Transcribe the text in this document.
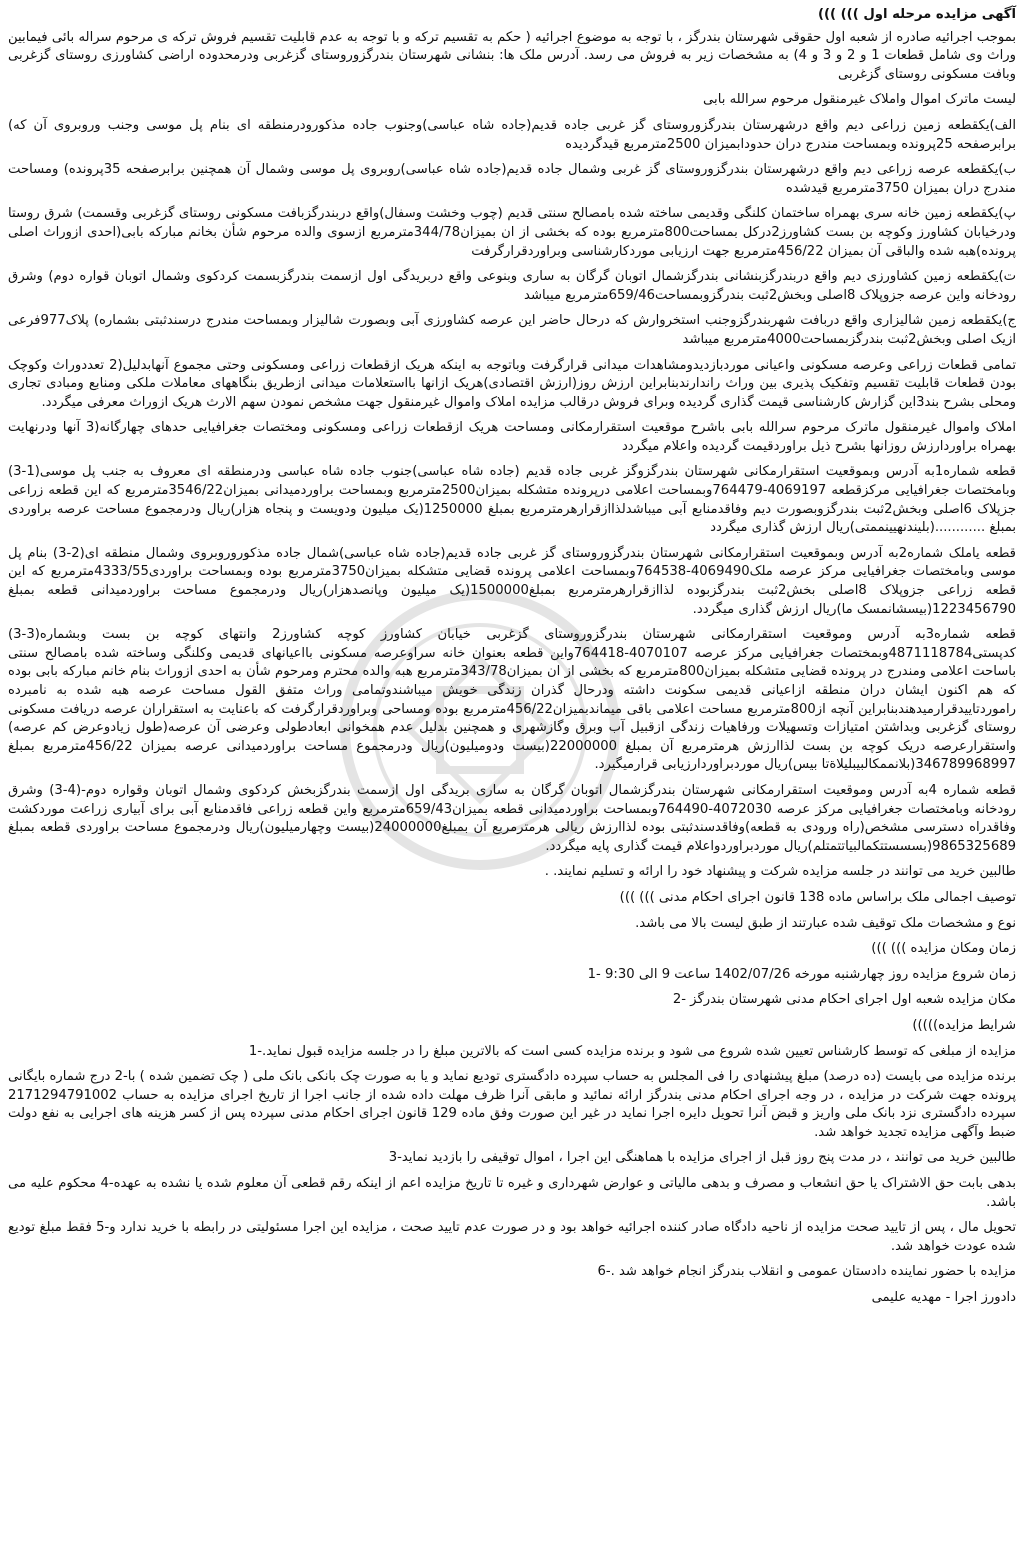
آگهی مزایده مرحله اول ))) )))

بموجب اجرائیه صادره از شعبه اول حقوقی شهرستان بندرگز ، با توجه به موضوع اجرائیه ( حکم به تقسیم ترکه و با توجه به عدم قابلیت تقسیم فروش ترکه ی مرحوم سراله بائی فیمابین وراث وی شامل قطعات 1 و 2 و 3 و 4) به مشخصات زیر به فروش می رسد. آدرس ملک ها: بنشانی شهرستان بندرگزوروستای گزغربی ودرمحدوده اراضی کشاورزی روستای گزغربی وبافت مسکونی روستای گزغربی

لیست ماترک اموال واملاک غیرمنقول مرحوم سرالله بابی

الف)یکقطعه زمین زراعی دیم واقع درشهرستان بندرگزوروستای گز غربی جاده قدیم(جاده شاه عباسی)وجنوب جاده مذکورودرمنطقه ای بنام پل موسی وجنب وروبروی آن که) برابرصفحه 25پرونده وبمساحت مندرج دران حدودابمیزان 2500مترمربع قیدگردیده

ب)یکقطعه عرصه زراعی دیم واقع درشهرستان بندرگزوروستای گز غربی وشمال جاده قدیم(جاده شاه عباسی)روبروی پل موسی وشمال آن همچنین برابرصفحه 35پرونده) ومساحت مندرج دران بمیزان 3750مترمربع قیدشده

پ)یکقطعه زمین خانه سری بهمراه ساختمان کلنگی وقدیمی ساخته شده بامصالح سنتی قدیم (چوب وخشت وسفال)واقع دربندرگزبافت مسکونی روستای گزغربی وقسمت) شرق روستا ودرخیابان کشاورز وکوچه بن بست کشاورز2درکل بمساحت800مترمربع بوده که بخشی از ان بمیزان344/78مترمربع ازسوی والده مرحوم شأن بخانم مبارکه بابی(احدی ازوراث اصلی پرونده)هبه شده والباقی آن بمیزان 456/22مترمربع جهت ارزیابی موردکارشناسی وبراوردقرارگرفت

ت)یکقطعه زمین کشاورزی دیم واقع دربندرگزبنشانی بندرگزشمال اتوبان گرگان به ساری وبنوعی واقع دربریدگی اول ازسمت بندرگزبسمت کردکوی وشمال اتوبان قواره دوم) وشرق رودخانه واین عرصه جزوپلاک 8اصلی وبخش2ثبت بندرگزوبمساحت659/46مترمربع میباشد

ج)یکقطعه زمین شالیزاری واقع دربافت شهربندرگزوجنب استخروارش که درحال حاضر این عرصه کشاورزی آبی وبصورت شالیزار وبمساحت مندرج درسندثبتی بشماره) پلاک977فرعی ازیک اصلی وبخش2ثبت بندرگزبمساحت4000مترمربع میباشد

تمامی قطعات زراعی وعرصه مسکونی واعیانی موردبازدیدومشاهدات میدانی قرارگرفت وباتوجه به اینکه هریک ازقطعات زراعی ومسکونی وحتی مجموع آنهابدلیل(2 تعددوراث وکوچک بودن قطعات قابلیت تقسیم وتفکیک پذیری بین وراث راندارندبنابراین ارزش روز(ارزش اقتصادی)هریک ازانها بااستعلامات میدانی ازطریق بنگاههای معاملات ملکی ومنابع ومبادی تجاری ومحلی بشرح بند3این گزارش کارشناسی قیمت گذاری گردیده وبرای فروش درقالب مزایده املاک واموال غیرمنقول جهت مشخص نمودن سهم الارث هریک ازوراث معرفی میگردد.

املاک واموال غیرمنقول ماترک مرحوم سرالله بابی باشرح موقعیت استقرارمکانی ومساحت هریک ازقطعات زراعی ومسکونی ومختصات جغرافیایی حدهای چهارگانه(3 آنها ودرنهایت بهمراه براوردارزش روزانها بشرح ذیل براوردقیمت گردیده واعلام میگردد

قطعه شماره1به آدرس وبموقعیت استقرارمکانی شهرستان بندرگزوگز غربی جاده قدیم (جاده شاه عباسی)جنوب جاده شاه عباسی ودرمنطقه ای معروف به جنب پل موسی(1-3) وبامختصات جغرافیایی مرکزقطعه 4069197-764479وبمساحت اعلامی درپرونده متشکله بمیزان2500مترمربع وبمساحت براوردمیدانی بمیزان3546/22مترمربع که این قطعه زراعی جزپلاک 6اصلی وبخش2ثبت بندرگزوبصورت دیم وفاقدمنابع آبی میباشدلذاازقرارهرمترمربع بمبلغ 1250000(یک میلیون ودویست و پنجاه هزار)ریال ودرمجموع مساحت عرصه براوردی بمبلغ ............(بلیندنهیینممتی)ریال ارزش گذاری میگردد

قطعه یاملک شماره2به آدرس وبموقعیت استقرارمکانی شهرستان بندرگزوروستای گز غربی جاده قدیم(جاده شاه عباسی)شمال جاده مذکوروروبروی وشمال منطقه ای(2-3) بنام پل موسی وبامختصات جغرافیایی مرکز عرصه ملک4069490-764538وبمساحت اعلامی پرونده قضایی متشکله بمیزان3750مترمربع بوده وبمساحت براوردی4333/55مترمربع که این قطعه زراعی جزوپلاک 8اصلی بخش2ثبت بندرگزبوده لذاازقرارهرمترمربع بمبلغ1500000(یک میلیون وپانصدهزار)ریال ودرمجموع مساحت براوردمیدانی قطعه بمبلغ 1223456790(بیسشانمسک ما)ریال ارزش گذاری میگردد.

قطعه شماره3به آدرس وموقعیت استقرارمکانی شهرستان بندرگزوروستای گزغربی خیابان کشاورز کوچه کشاورز2 وانتهای کوچه بن بست وبشماره(3-3) کدپستی4871118784وبمختصات جغرافیایی مرکز عرصه 4070107-764418واین قطعه بعنوان خانه سراوعرصه مسکونی بااعیانهای قدیمی وکلنگی وساخته شده بامصالح سنتی باساحت اعلامی ومندرج در پرونده قضایی متشکله بمیزان800مترمربع که بخشی از ان بمیزان343/78مترمربع هبه والده محترم ومرحوم شأن به احدی ازوراث بنام خانم مبارکه بابی بوده که هم اکنون ایشان دران منطقه ازاعیانی قدیمی سکونت داشته ودرحال گذران زندگی خویش میباشندوتمامی وراث متفق القول مساحت عرصه هبه شده به نامبرده راموردتاییدقرارمیدهندبنابراین آنچه از800مترمربع مساحت اعلامی باقی میماندبمیزان456/22مترمربع بوده ومساحی وبراوردقرارگرفت که باعنایت به استقراران عرصه دریافت مسکونی روستای گزغربی وبداشتن امتیازات وتسهیلات ورفاهیات زندگی ازقبیل آب وبرق وگازشهری و همچنین بدلیل عدم همخوانی ابعادطولی وعرضی آن عرصه(طول زیادوعرض کم عرصه) واستقرارعرصه دریک کوچه بن بست لذاارزش هرمترمربع آن بمبلغ 22000000(بیست ودومیلیون)ریال ودرمجموع مساحت براوردمیدانی عرصه بمیزان 456/22مترمربع بمبلغ 346789968997(بلانممکالبیبلیلاةتا بیس)ریال موردبراوردارزیابی قرارمیگیرد.

قطعه شماره 4به آدرس وموقعیت استقرارمکانی شهرستان بندرگزشمال اتوبان گرگان به ساری بریدگی اول ازسمت بندرگزبخش کردکوی وشمال اتوبان وقواره دوم-(4-3) وشرق رودخانه وبامختصات جغرافیایی مرکز عرصه 4072030-764490وبمساحت براوردمیدانی قطعه بمیزان659/43مترمربع واین قطعه زراعی فاقدمنابع آبی برای آبیاری زراعت موردکشت وفاقدراه دسترسی مشخص(راه ورودی به قطعه)وفاقدسندثبتی بوده لذاارزش ریالی هرمترمربع آن بمبلغ24000000(بیست وچهارمیلیون)ریال ودرمجموع مساحت براوردی قطعه بمبلغ 9865325689(بسسستتکمالبیاتتمتلم)ریال موردبراوردواعلام قیمت گذاری پایه میگردد.

طالبین خرید می توانند در جلسه مزایده شرکت و پیشنهاد خود را ارائه و تسلیم نمایند. .

توصیف اجمالی ملک براساس ماده 138 قانون اجرای احکام مدنی ))) )))

نوع و مشخصات ملک توقیف شده عبارتند از طبق لیست بالا می باشد.

زمان ومکان مزایده ))) )))

زمان شروع مزایده روز چهارشنبه مورخه 1402/07/26 ساعت 9 الی 9:30 -1

مکان مزایده شعبه اول اجرای احکام مدنی شهرستان بندرگز -2

شرایط مزایده)))))

مزایده از مبلغی که توسط کارشناس تعیین شده شروع می شود و برنده مزایده کسی است که بالاترین مبلغ را در جلسه مزایده قبول نماید.-1

برنده مزایده می بایست (ده درصد) مبلغ پیشنهادی را فی المجلس به حساب سپرده دادگستری تودیع نماید و یا به صورت چک بانکی بانک ملی ( چک تضمین شده ) با-2 درج شماره بایگانی پرونده جهت شرکت در مزایده ، در وجه اجرای احکام مدنی بندرگز ارائه نمائید و مابقی آنرا ظرف مهلت داده شده از جانب اجرا از تاریخ اجرای مزایده به حساب 2171294791002 سپرده دادگستری نزد بانک ملی واریز و قبض آنرا تحویل دایره اجرا نماید در غیر این صورت وفق ماده 129 قانون اجرای احکام مدنی سپرده پس از کسر هزینه های اجرایی به نفع دولت ضبط وآگهی مزایده تجدید خواهد شد.

طالبین خرید می توانند ، در مدت پنج روز قبل از اجرای مزایده با هماهنگی این اجرا ، اموال توقیفی را بازدید نماید-3

بدهی بابت حق الاشتراک یا حق انشعاب و مصرف و بدهی مالیاتی و عوارض شهرداری و غیره تا تاریخ مزایده اعم از اینکه رقم قطعی آن معلوم شده یا نشده به عهده-4 محکوم علیه می باشد.

تحویل مال ، پس از تایید صحت مزایده از ناحیه دادگاه صادر کننده اجرائیه خواهد بود و در صورت عدم تایید صحت ، مزایده این اجرا مسئولیتی در رابطه با خرید ندارد و-5 فقط مبلغ تودیع شده عودت خواهد شد.

مزایده با حضور نماینده دادستان عمومی و انقلاب بندرگز انجام خواهد شد .-6

دادورز اجرا - مهدیه علیمی
